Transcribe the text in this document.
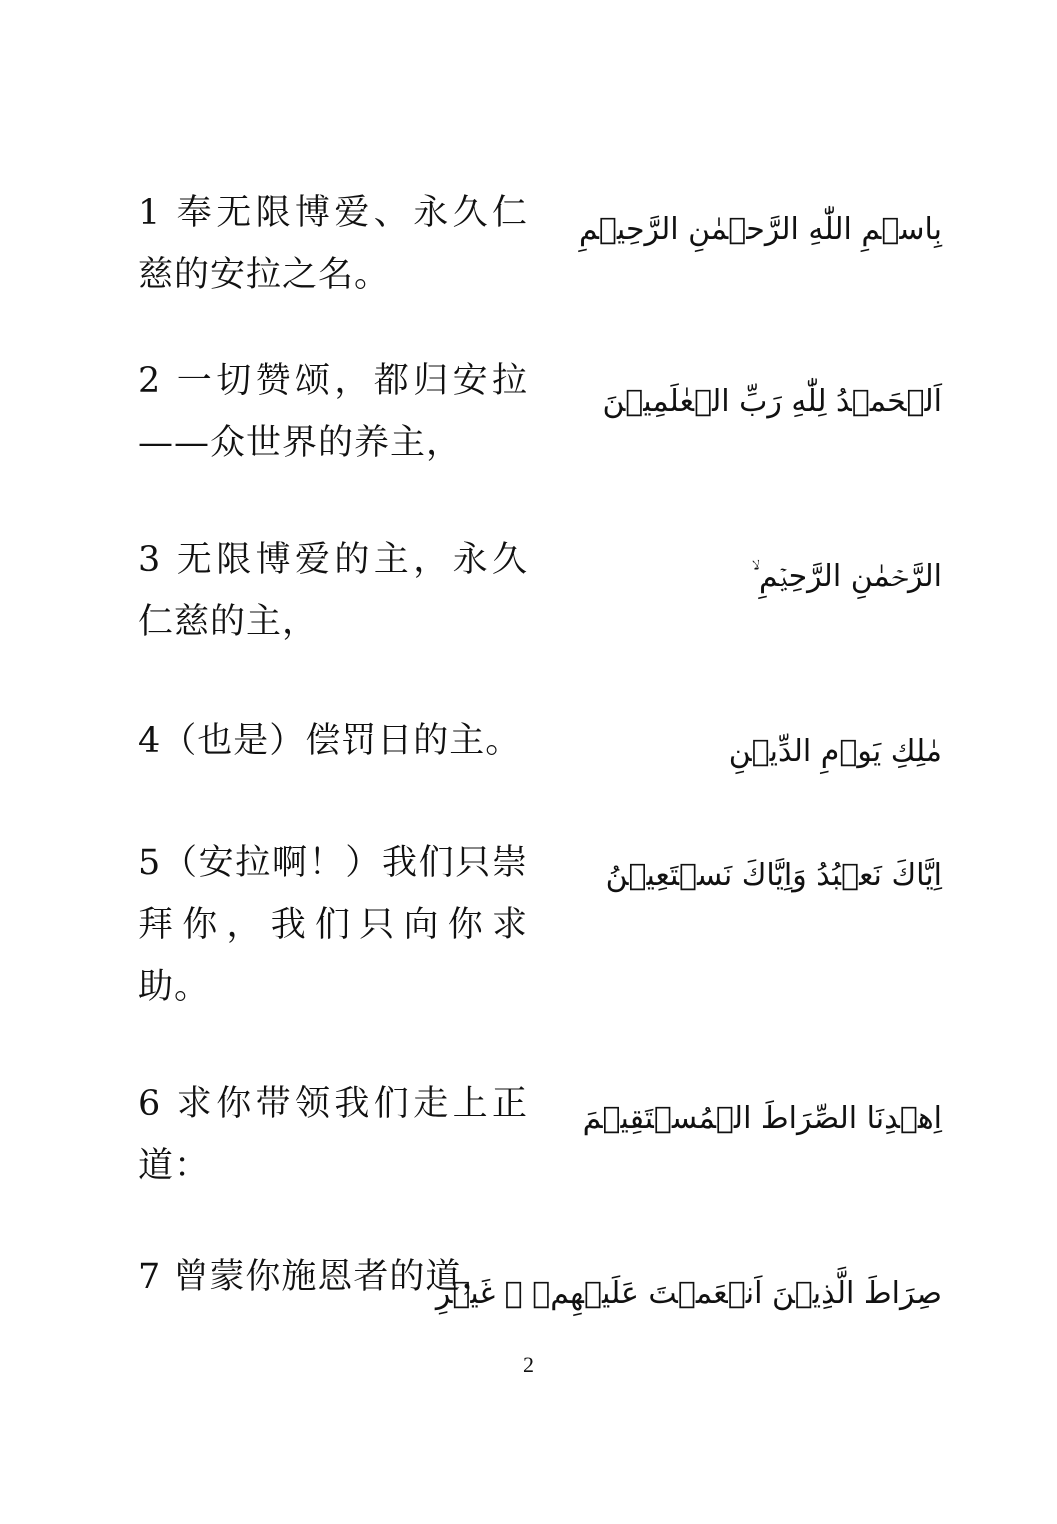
1 奉无限博爱、永久仁慈的安拉之名。
بِاسۡمِ اللّٰهِ الرَّحۡمٰنِ الرَّحِيۡمِ
2 一切赞颂，都归安拉——众世界的养主，
اَلۡحَمۡدُ لِلّٰهِ رَبِّ الۡعٰلَمِيۡنَ
3 无限博爱的主，永久仁慈的主，
الرَّحۡمٰنِ الرَّحِيۡمِ ۙ
4（也是）偿罚日的主。	مٰلِكِ يَوۡمِ الدِّيۡنِ
5（安拉啊！）我们只崇拜你，我们只向你求助。
اِيَّاكَ نَعۡبُدُ وَاِيَّاكَ نَسۡتَعِيۡنُ
6 求你带领我们走上正道：
اِهۡدِنَا الصِّرَاطَ الۡمُسۡتَقِيۡمَ
7 曾蒙你施恩者的道，
صِرَاطَ الَّذِيۡنَ اَنۡعَمۡتَ عَلَيۡهِمۡ ۙ غَيۡرِ
2
